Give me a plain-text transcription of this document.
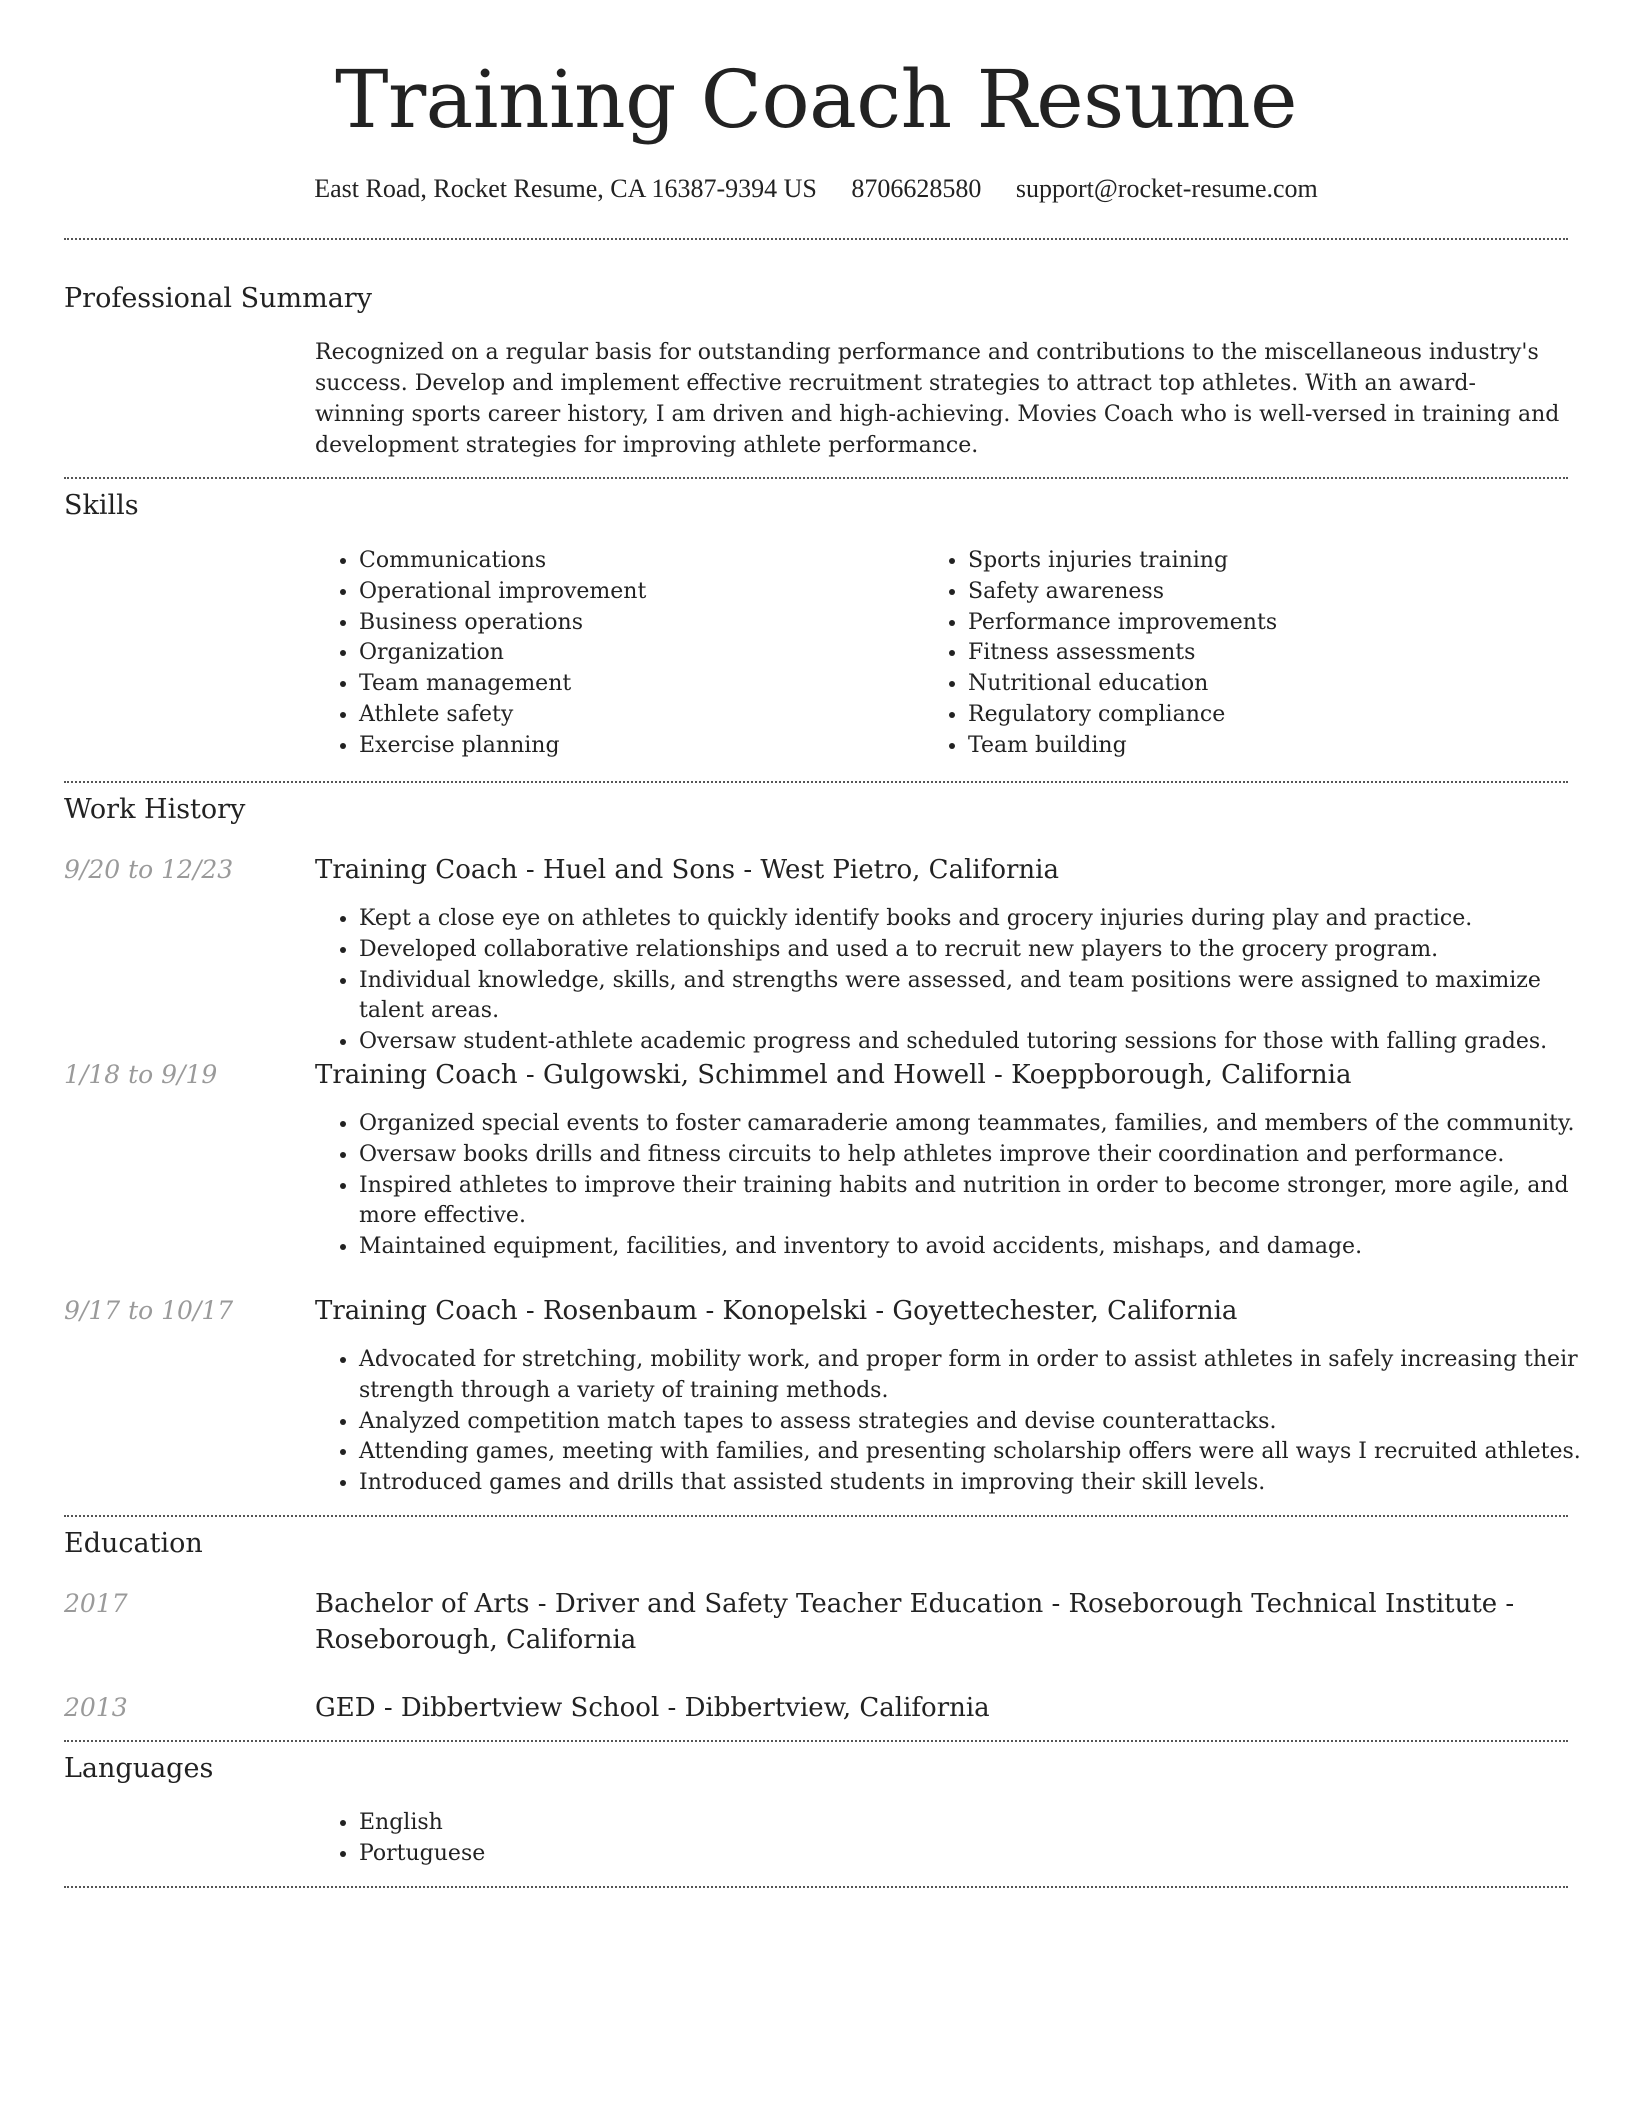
Training Coach Resume
East Road, Rocket Resume, CA 16387-9394 US 8706628580 support@rocket-resume.com
Professional Summary
Recognized on a regular basis for outstanding performance and contributions to the miscellaneous industry's success. Develop and implement effective recruitment strategies to attract top athletes. With an award-winning sports career history, I am driven and high-achieving. Movies Coach who is well-versed in training and development strategies for improving athlete performance.
Skills
• Communications
• Operational improvement
• Business operations
• Organization
• Team management
• Athlete safety
• Exercise planning
• Sports injuries training
• Safety awareness
• Performance improvements
• Fitness assessments
• Nutritional education
• Regulatory compliance
• Team building
Work History
9/20 to 12/23	Training Coach - Huel and Sons - West Pietro, California
• Kept a close eye on athletes to quickly identify books and grocery injuries during play and practice.
• Developed collaborative relationships and used a to recruit new players to the grocery program.
• Individual knowledge, skills, and strengths were assessed, and team positions were assigned to maximize talent areas.
• Oversaw student-athlete academic progress and scheduled tutoring sessions for those with falling grades.
1/18 to 9/19	Training Coach - Gulgowski, Schimmel and Howell - Koeppborough, California
• Organized special events to foster camaraderie among teammates, families, and members of the community.
• Oversaw books drills and fitness circuits to help athletes improve their coordination and performance.
• Inspired athletes to improve their training habits and nutrition in order to become stronger, more agile, and more effective.
• Maintained equipment, facilities, and inventory to avoid accidents, mishaps, and damage.
9/17 to 10/17	Training Coach - Rosenbaum - Konopelski - Goyettechester, California
• Advocated for stretching, mobility work, and proper form in order to assist athletes in safely increasing their strength through a variety of training methods.
• Analyzed competition match tapes to assess strategies and devise counterattacks.
• Attending games, meeting with families, and presenting scholarship offers were all ways I recruited athletes.
• Introduced games and drills that assisted students in improving their skill levels.
Education
2017	Bachelor of Arts - Driver and Safety Teacher Education - Roseborough Technical Institute - Roseborough, California
2013	GED - Dibbertview School - Dibbertview, California
Languages
• English
• Portuguese
